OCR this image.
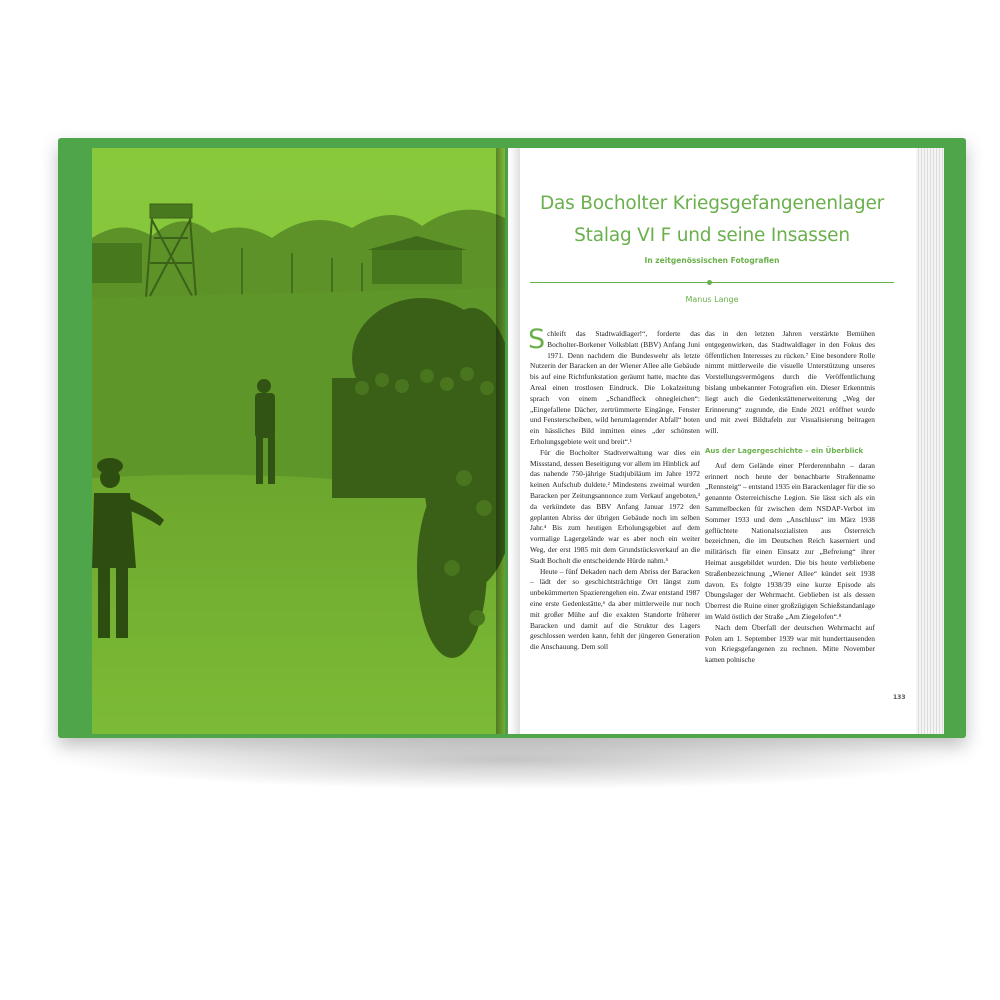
Das Bocholter Kriegsgefangenenlager
Stalag VI F und seine Insassen
In zeitgenössischen Fotografien
Manus Lange

Schleift das Stadtwaldlager!“, forderte das Bocholter-Borkener Volksblatt (BBV) Anfang Juni 1971. Denn nachdem die Bundeswehr als letzte Nutzerin der Baracken an der Wiener Allee alle Gebäude bis auf eine Richtfunkstation geräumt hatte, machte das Areal einen trostlosen Eindruck. Die Lokalzeitung sprach von einem „Schandfleck ohnegleichen“: „Eingefallene Dächer, zertrümmerte Eingänge, Fenster und Fensterscheiben, wild herumlagernder Abfall“ boten ein hässliches Bild inmitten eines „der schönsten Erholungsgebiete weit und breit“.¹

Für die Bocholter Stadtverwaltung war dies ein Missstand, dessen Beseitigung vor allem im Hinblick auf das nahende 750-jährige Stadtjubiläum im Jahre 1972 keinen Aufschub duldete.² Mindestens zweimal wurden Baracken per Zeitungsannonce zum Verkauf angeboten,³ da verkündete das BBV Anfang Januar 1972 den geplanten Abriss der übrigen Gebäude noch im selben Jahr.⁴ Bis zum heutigen Erholungsgebiet auf dem vormalige Lagergelände war es aber noch ein weiter Weg, der erst 1985 mit dem Grundstücksverkauf an die Stadt Bocholt die entscheidende Hürde nahm.⁵

Heute – fünf Dekaden nach dem Abriss der Baracken – lädt der so geschichtsträchtige Ort längst zum unbekümmerten Spazierengehen ein. Zwar entstand 1987 eine erste Gedenkstätte,⁶ da aber mittlerweile nur noch mit großer Mühe auf die exakten Standorte früherer Baracken und damit auf die Struktur des Lagers geschlossen werden kann, fehlt der jüngeren Generation die Anschauung. Dem soll

das in den letzten Jahren verstärkte Bemühen entgegenwirken, das Stadtwaldlager in den Fokus des öffentlichen Interesses zu rücken.⁷ Eine besondere Rolle nimmt mittlerweile die visuelle Unterstützung unseres Vorstellungsvermögens durch die Veröffentlichung bislang unbekannter Fotografien ein. Dieser Erkenntnis liegt auch die Gedenkstättenerweiterung „Weg der Erinnerung“ zugrunde, die Ende 2021 eröffnet wurde und mit zwei Bildtafeln zur Visualisierung beitragen will.

Aus der Lagergeschichte – ein Überblick

Auf dem Gelände einer Pferderennbahn – daran erinnert noch heute der benachbarte Straßenname „Rennsteig“ – entstand 1935 ein Barackenlager für die so genannte Österreichische Legion. Sie lässt sich als ein Sammelbecken für zwischen dem NSDAP-Verbot im Sommer 1933 und dem „Anschluss“ im März 1938 geflüchtete Nationalsozialisten aus Österreich bezeichnen, die im Deutschen Reich kaserniert und militärisch für einen Einsatz zur „Befreiung“ ihrer Heimat ausgebildet wurden. Die bis heute verbliebene Straßenbezeichnung „Wiener Allee“ kündet seit 1938 davon. Es folgte 1938/39 eine kurze Episode als Übungslager der Wehrmacht. Geblieben ist als dessen Überrest die Ruine einer großzügigen Schießstandanlage im Wald östlich der Straße „Am Ziegelofen“.⁸

Nach dem Überfall der deutschen Wehrmacht auf Polen am 1. September 1939 war mit hunderttausenden von Kriegsgefangenen zu rechnen. Mitte November kamen polnische

133
